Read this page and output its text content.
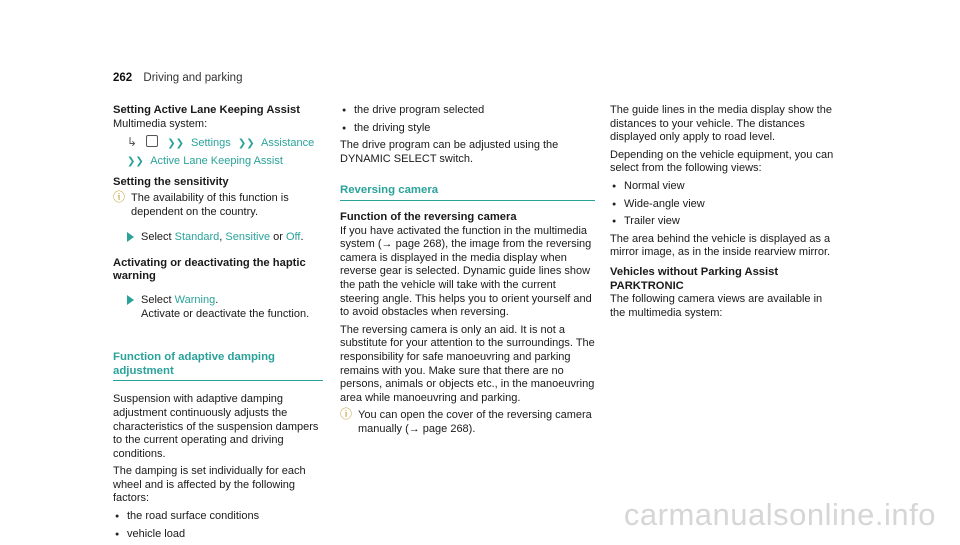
262 Driving and parking
Setting Active Lane Keeping Assist

Multimedia system:

↳	❯❯ Settings ❯❯ Assistance
❯❯ Active Lane Keeping Assist
Setting the sensitivity
ⓘ The availability of this function is dependent on the country.
Select Standard, Sensitive or Off.
Activating or deactivating the haptic warning
Select Warning.
Activate or deactivate the function.
Function of adaptive damping adjustment

Suspension with adaptive damping adjustment continuously adjusts the characteristics of the suspension dampers to the current operating and driving conditions.

The damping is set individually for each wheel and is affected by the following factors:

● the road surface conditions
● vehicle load
● the drive program selected
● the driving style

The drive program can be adjusted using the DYNAMIC SELECT switch.

Reversing camera
Function of the reversing camera

If you have activated the function in the multimedia system (→ page 268), the image from the reversing camera is displayed in the media display when reverse gear is selected. Dynamic guide lines show the path the vehicle will take with the current steering angle. This helps you to orient yourself and to avoid obstacles when reversing.

The reversing camera is only an aid. It is not a substitute for your attention to the surroundings. The responsibility for safe manoeuvring and parking remains with you. Make sure that there are no persons, animals or objects etc., in the manoeuvring area while manoeuvring and parking.

ⓘ You can open the cover of the reversing camera manually (→ page 268).

The guide lines in the media display show the distances to your vehicle. The distances displayed only apply to road level.

Depending on the vehicle equipment, you can select from the following views:

● Normal view
● Wide-angle view
● Trailer view

The area behind the vehicle is displayed as a mirror image, as in the inside rearview mirror.

Vehicles without Parking Assist PARKTRONIC

The following camera views are available in the multimedia system:

carmanualsonline.info
